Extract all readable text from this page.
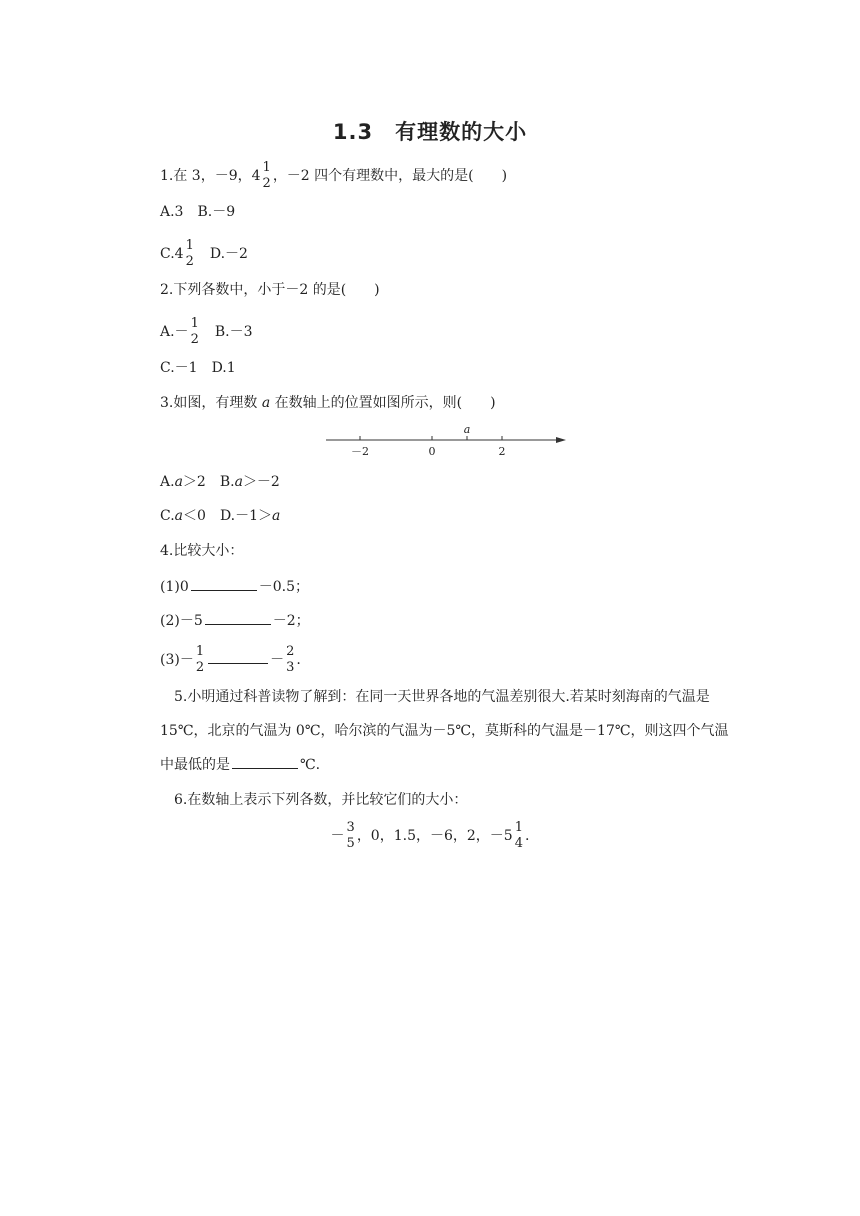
1.3　有理数的大小
1.在 3，－9，4
1
2 ，－2 四个有理数中，最大的是(　　)
A.3　B.－9
C.4
1
2 　D.－2
2.下列各数中，小于－2 的是(　　)
A.－
1
2 　B.－3
C.－1　D.1
3.如图，有理数 a 在数轴上的位置如图所示，则(　　)
a
－2	0	2
A.a＞2　B.a＞－2
C.a＜0　D.－1＞a
4.比较大小：
(1)0	－0.5；
(2)－5	－2；
(3)－
1
2	－
2
3 .
5.小明通过科普读物了解到：在同一天世界各地的气温差别很大.若某时刻海南的气温是 15℃，北京的气温为 0℃，哈尔滨的气温为－5℃，莫斯科的气温是－17℃，则这四个气温中最低的是	℃.
6.在数轴上表示下列各数，并比较它们的大小：
－
3
5 ，0，1.5，－6，2，－5
1
4 .
